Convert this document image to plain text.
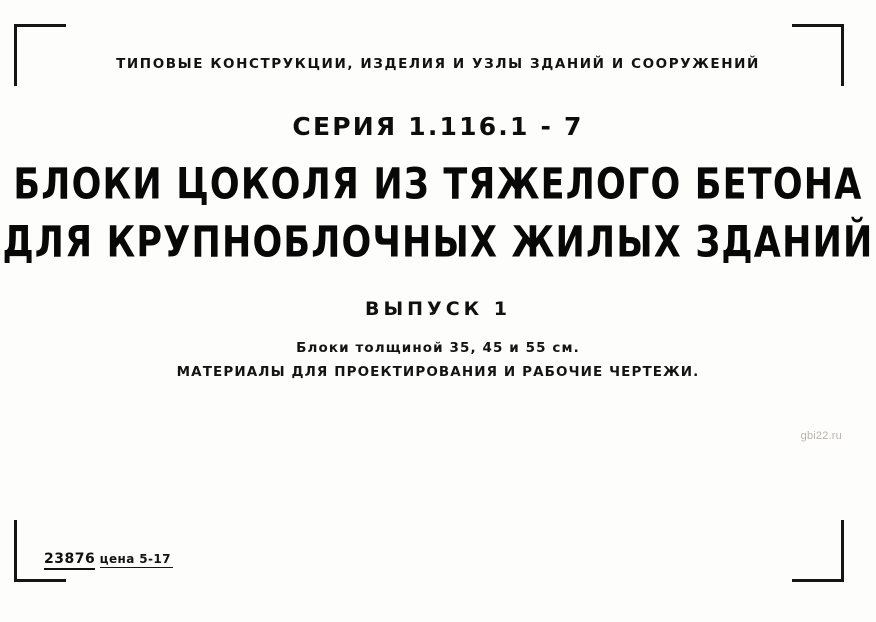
ТИПОВЫЕ КОНСТРУКЦИИ, ИЗДЕЛИЯ И УЗЛЫ ЗДАНИЙ И СООРУЖЕНИЙ
СЕРИЯ 1.116.1 - 7
БЛОКИ ЦОКОЛЯ ИЗ ТЯЖЕЛОГО БЕТОНА
ДЛЯ КРУПНОБЛОЧНЫХ ЖИЛЫХ ЗДАНИЙ
ВЫПУСК 1
Блоки толщиной 35, 45 и 55 см.
МАТЕРИАЛЫ ДЛЯ ПРОЕКТИРОВАНИЯ И РАБОЧИЕ ЧЕРТЕЖИ.
23876 цена 5-17
gbi22.ru
